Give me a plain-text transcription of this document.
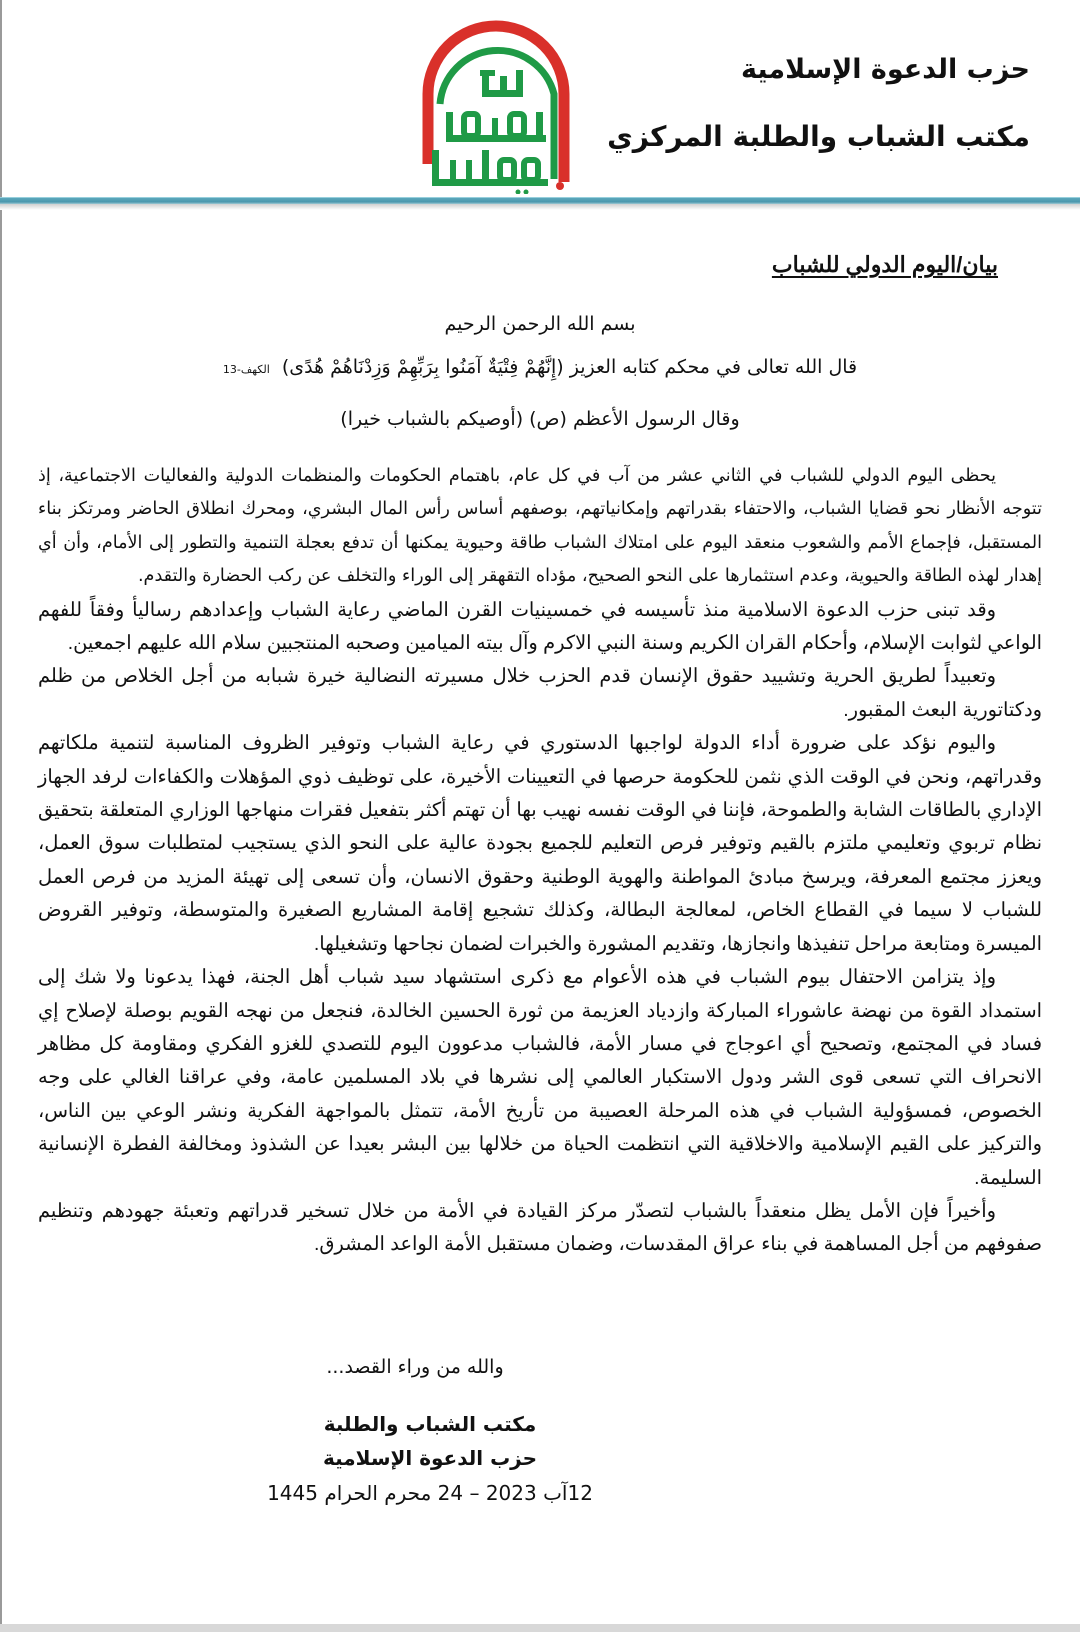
حزب الدعوة الإسلامية
مكتب الشباب والطلبة المركزي
بيان/اليوم الدولي للشباب
بسم الله الرحمن الرحيم
قال الله تعالى في محكم كتابه العزيز (إِنَّهُمْ فِتْيَةٌ آمَنُوا بِرَبِّهِمْ وَزِدْنَاهُمْ هُدًى) الكهف-13
وقال الرسول الأعظم (ص) (أوصيكم بالشباب خيرا)

يحظى اليوم الدولي للشباب في الثاني عشر من آب في كل عام، باهتمام الحكومات والمنظمات الدولية والفعاليات الاجتماعية، إذ تتوجه الأنظار نحو قضايا الشباب، والاحتفاء بقدراتهم وإمكانياتهم، بوصفهم أساس رأس المال البشري، ومحرك انطلاق الحاضر ومرتكز بناء المستقبل، فإجماع الأمم والشعوب منعقد اليوم على امتلاك الشباب طاقة وحيوية يمكنها أن تدفع بعجلة التنمية والتطور إلى الأمام، وأن أي إهدار لهذه الطاقة والحيوية، وعدم استثمارها على النحو الصحيح، مؤداه التقهقر إلى الوراء والتخلف عن ركب الحضارة والتقدم.

وقد تبنى حزب الدعوة الاسلامية منذ تأسيسه في خمسينيات القرن الماضي رعاية الشباب وإعدادهم رساليأ وفقاً للفهم الواعي لثوابت الإسلام، وأحكام القران الكريم وسنة النبي الاكرم وآل بيته الميامين وصحبه المنتجبين سلام الله عليهم اجمعين.

وتعبيداً لطريق الحرية وتشييد حقوق الإنسان قدم الحزب خلال مسيرته النضالية خيرة شبابه من أجل الخلاص من ظلم ودكتاتورية البعث المقبور.

واليوم نؤكد على ضرورة أداء الدولة لواجبها الدستوري في رعاية الشباب وتوفير الظروف المناسبة لتنمية ملكاتهم وقدراتهم، ونحن في الوقت الذي نثمن للحكومة حرصها في التعيينات الأخيرة، على توظيف ذوي المؤهلات والكفاءات لرفد الجهاز الإداري بالطاقات الشابة والطموحة، فإننا في الوقت نفسه نهيب بها أن تهتم أكثر بتفعيل فقرات منهاجها الوزاري المتعلقة بتحقيق نظام تربوي وتعليمي ملتزم بالقيم وتوفير فرص التعليم للجميع بجودة عالية على النحو الذي يستجيب لمتطلبات سوق العمل، ويعزز مجتمع المعرفة، ويرسخ مبادئ المواطنة والهوية الوطنية وحقوق الانسان، وأن تسعى إلى تهيئة المزيد من فرص العمل للشباب لا سيما في القطاع الخاص، لمعالجة البطالة، وكذلك تشجيع إقامة المشاريع الصغيرة والمتوسطة، وتوفير القروض الميسرة ومتابعة مراحل تنفيذها وانجازها، وتقديم المشورة والخبرات لضمان نجاحها وتشغيلها.

وإذ يتزامن الاحتفال بيوم الشباب في هذه الأعوام مع ذكرى استشهاد سيد شباب أهل الجنة، فهذا يدعونا ولا شك إلى استمداد القوة من نهضة عاشوراء المباركة وازدياد العزيمة من ثورة الحسين الخالدة، فنجعل من نهجه القويم بوصلة لإصلاح إي فساد في المجتمع، وتصحيح أي اعوجاج في مسار الأمة، فالشباب مدعوون اليوم للتصدي للغزو الفكري ومقاومة كل مظاهر الانحراف التي تسعى قوى الشر ودول الاستكبار العالمي إلى نشرها في بلاد المسلمين عامة، وفي عراقنا الغالي على وجه الخصوص، فمسؤولية الشباب في هذه المرحلة العصيبة من تأريخ الأمة، تتمثل بالمواجهة الفكرية ونشر الوعي بين الناس، والتركيز على القيم الإسلامية والاخلاقية التي انتظمت الحياة من خلالها بين البشر بعيدا عن الشذوذ ومخالفة الفطرة الإنسانية السليمة.

وأخيراً فإن الأمل يظل منعقداً بالشباب لتصدّر مركز القيادة في الأمة من خلال تسخير قدراتهم وتعبئة جهودهم وتنظيم صفوفهم من أجل المساهمة في بناء عراق المقدسات، وضمان مستقبل الأمة الواعد المشرق.

والله من وراء القصد...
مكتب الشباب والطلبة
حزب الدعوة الإسلامية
12آب 2023 – 24 محرم الحرام 1445
